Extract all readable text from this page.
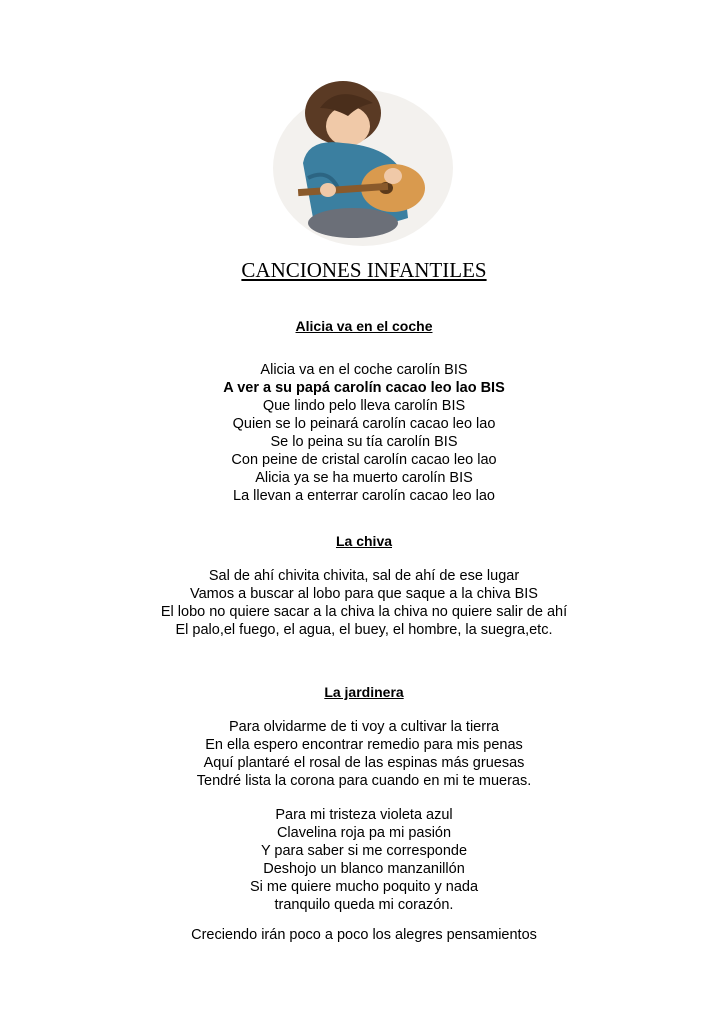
CANCIONES INFANTILES
Alicia va en el coche
Alicia va en el coche carolín BIS
A ver a su papá carolín cacao leo lao BIS
Que lindo pelo lleva carolín BIS
Quien se lo peinará carolín cacao leo lao
Se lo peina su tía carolín BIS
Con peine de cristal carolín cacao leo lao
Alicia ya se ha muerto carolín BIS
La llevan a enterrar carolín cacao leo lao
La chiva
Sal de ahí chivita chivita, sal de ahí de ese lugar
Vamos a buscar al lobo para que saque a la chiva BIS
El lobo no quiere sacar a la chiva la chiva no quiere salir de ahí
El palo,el fuego, el agua, el buey, el hombre, la suegra,etc.
La jardinera
Para olvidarme de ti voy a cultivar la tierra
En ella espero encontrar remedio para mis penas
Aquí plantaré el rosal de las espinas más gruesas
Tendré lista la corona para cuando en mi te mueras.
Para mi tristeza violeta azul
Clavelina roja pa mi pasión
Y para saber si me corresponde
Deshojo un blanco manzanillón
Si me quiere mucho poquito y nada
tranquilo queda mi corazón.
Creciendo irán poco a poco los alegres pensamientos
